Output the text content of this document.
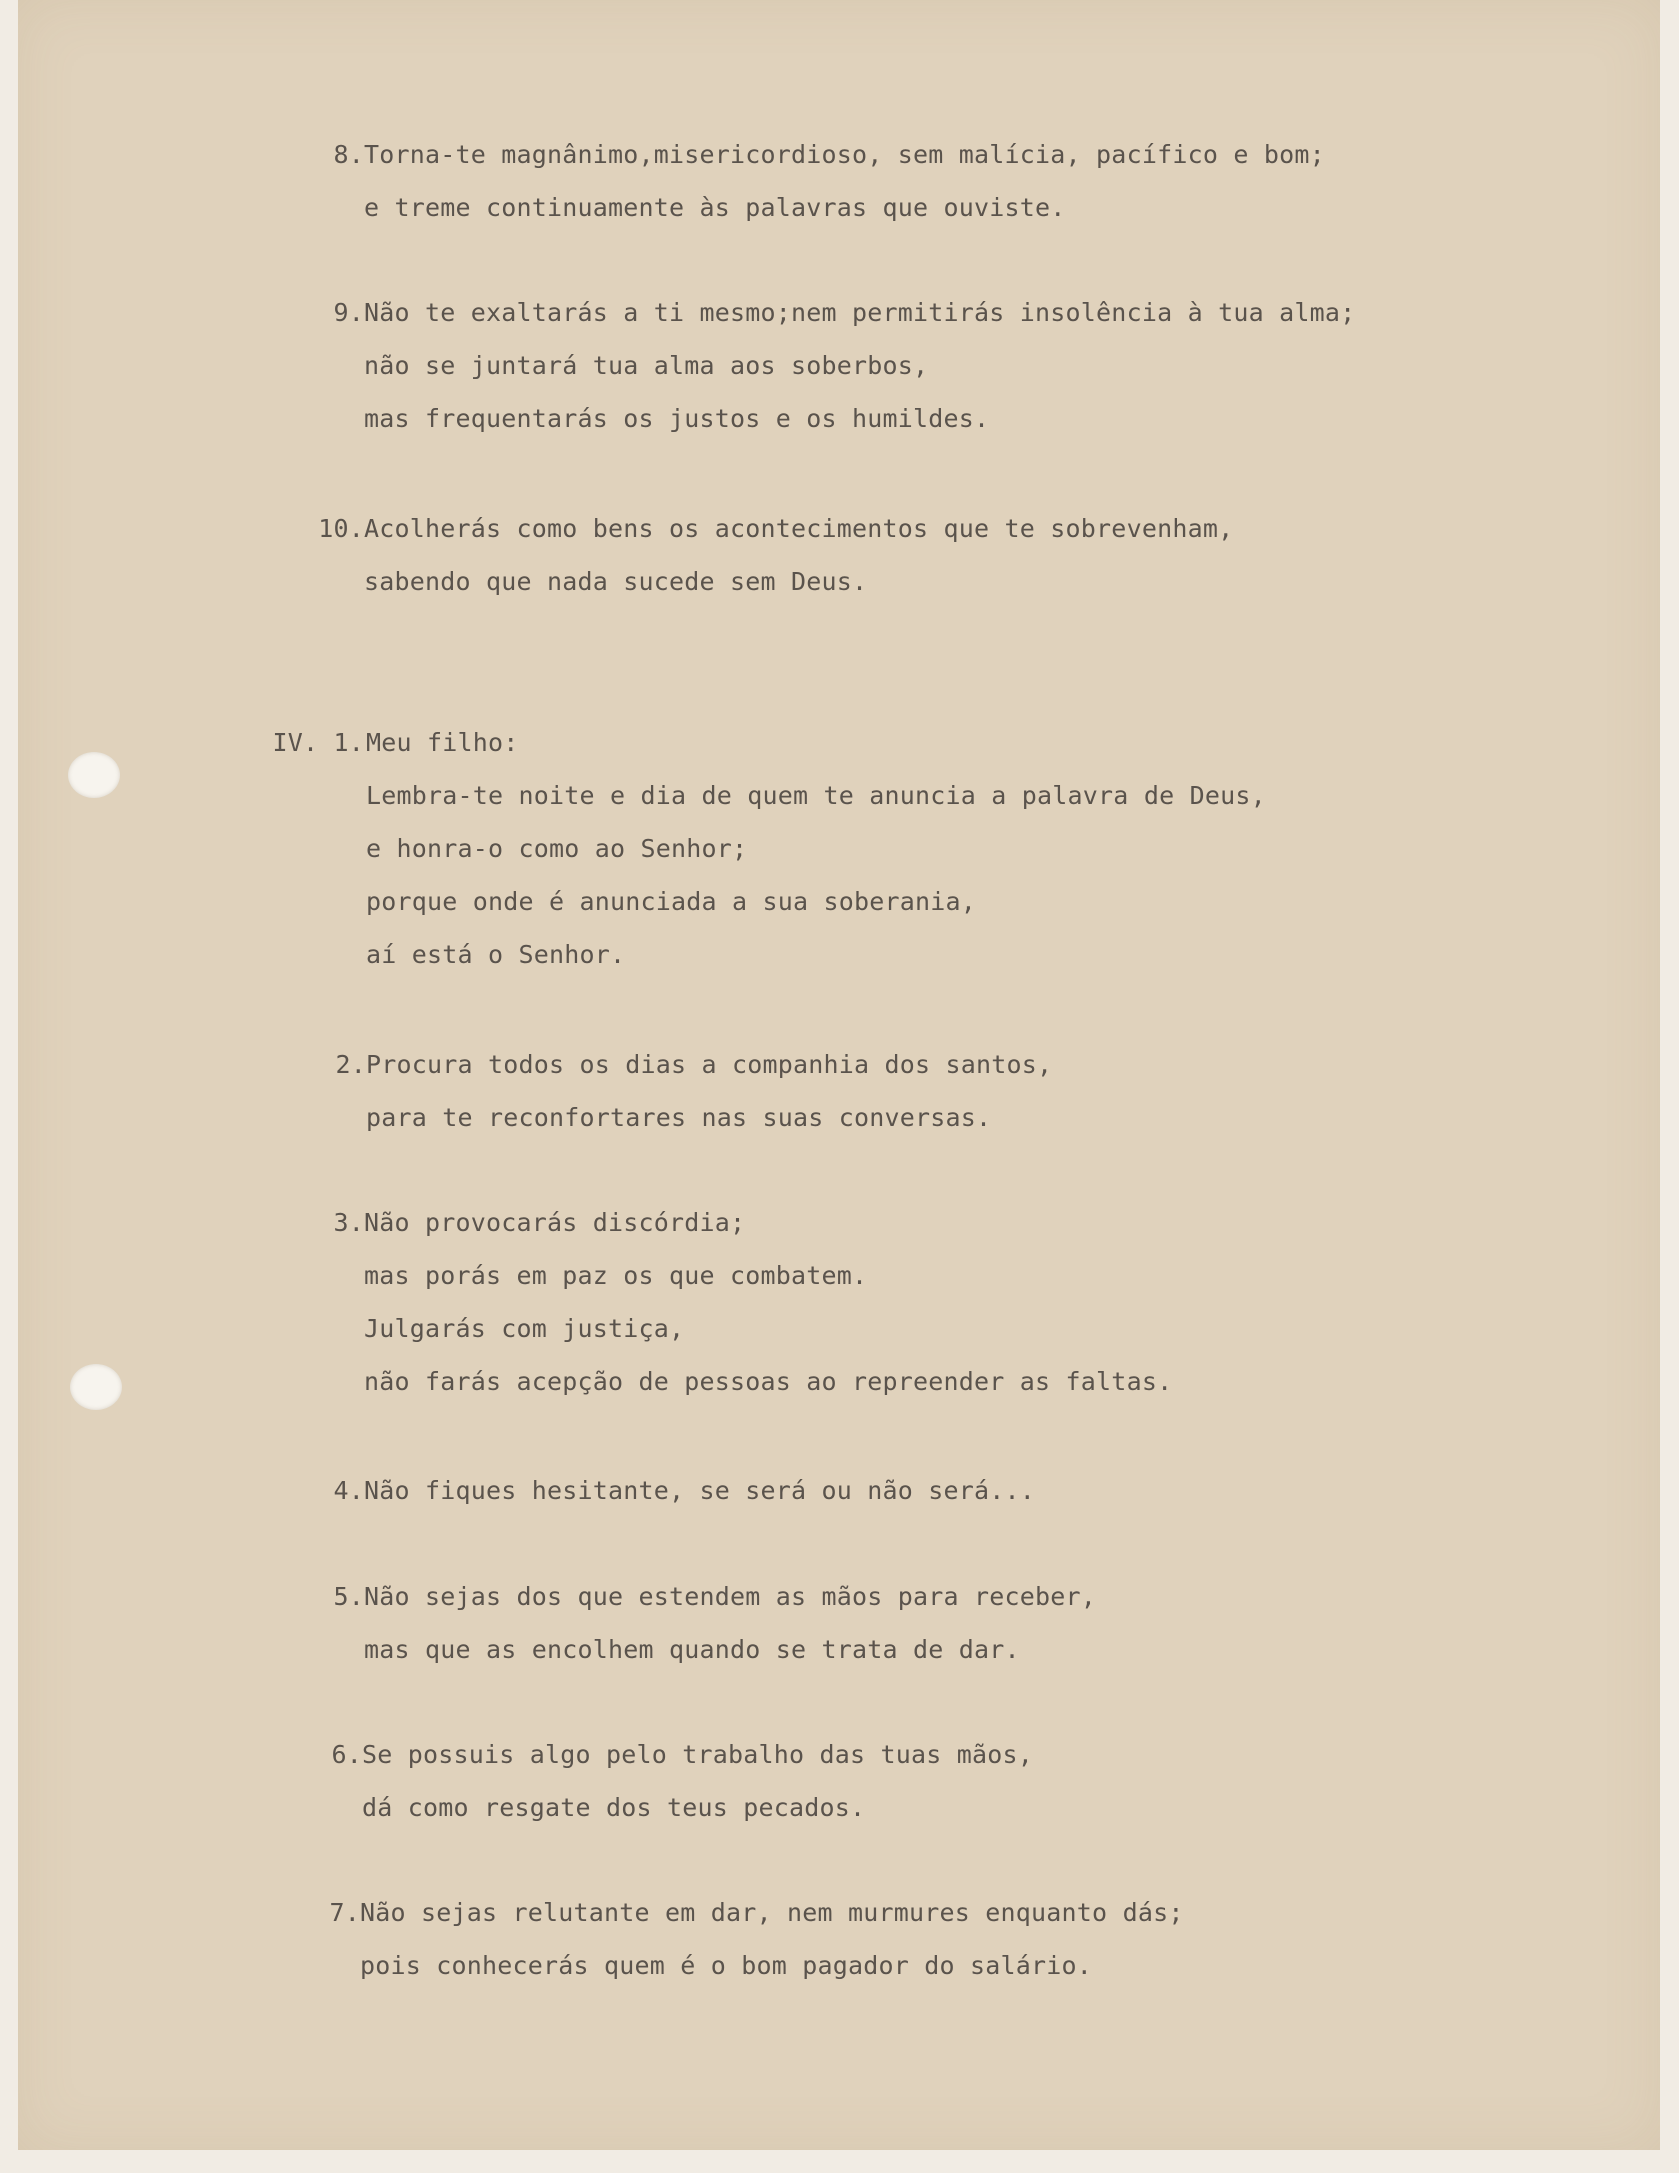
8. Torna-te magnânimo,misericordioso, sem malícia, pacífico e bom;
e treme continuamente às palavras que ouviste.
9. Não te exaltarás a ti mesmo;nem permitirás insolência à tua alma;
não se juntará tua alma aos soberbos,
mas frequentarás os justos e os humildes.
10. Acolherás como bens os acontecimentos que te sobrevenham,
sabendo que nada sucede sem Deus.
IV. 1. Meu filho:
Lembra-te noite e dia de quem te anuncia a palavra de Deus,
e honra-o como ao Senhor;
porque onde é anunciada a sua soberania,
aí está o Senhor.
2. Procura todos os dias a companhia dos santos,
para te reconfortares nas suas conversas.
3. Não provocarás discórdia;
mas porás em paz os que combatem.
Julgarás com justiça,
não farás acepção de pessoas ao repreender as faltas.
4. Não fiques hesitante, se será ou não será...
5. Não sejas dos que estendem as mãos para receber,
mas que as encolhem quando se trata de dar.
6. Se possuis algo pelo trabalho das tuas mãos,
dá como resgate dos teus pecados.
7. Não sejas relutante em dar, nem murmures enquanto dás;
pois conhecerás quem é o bom pagador do salário.
